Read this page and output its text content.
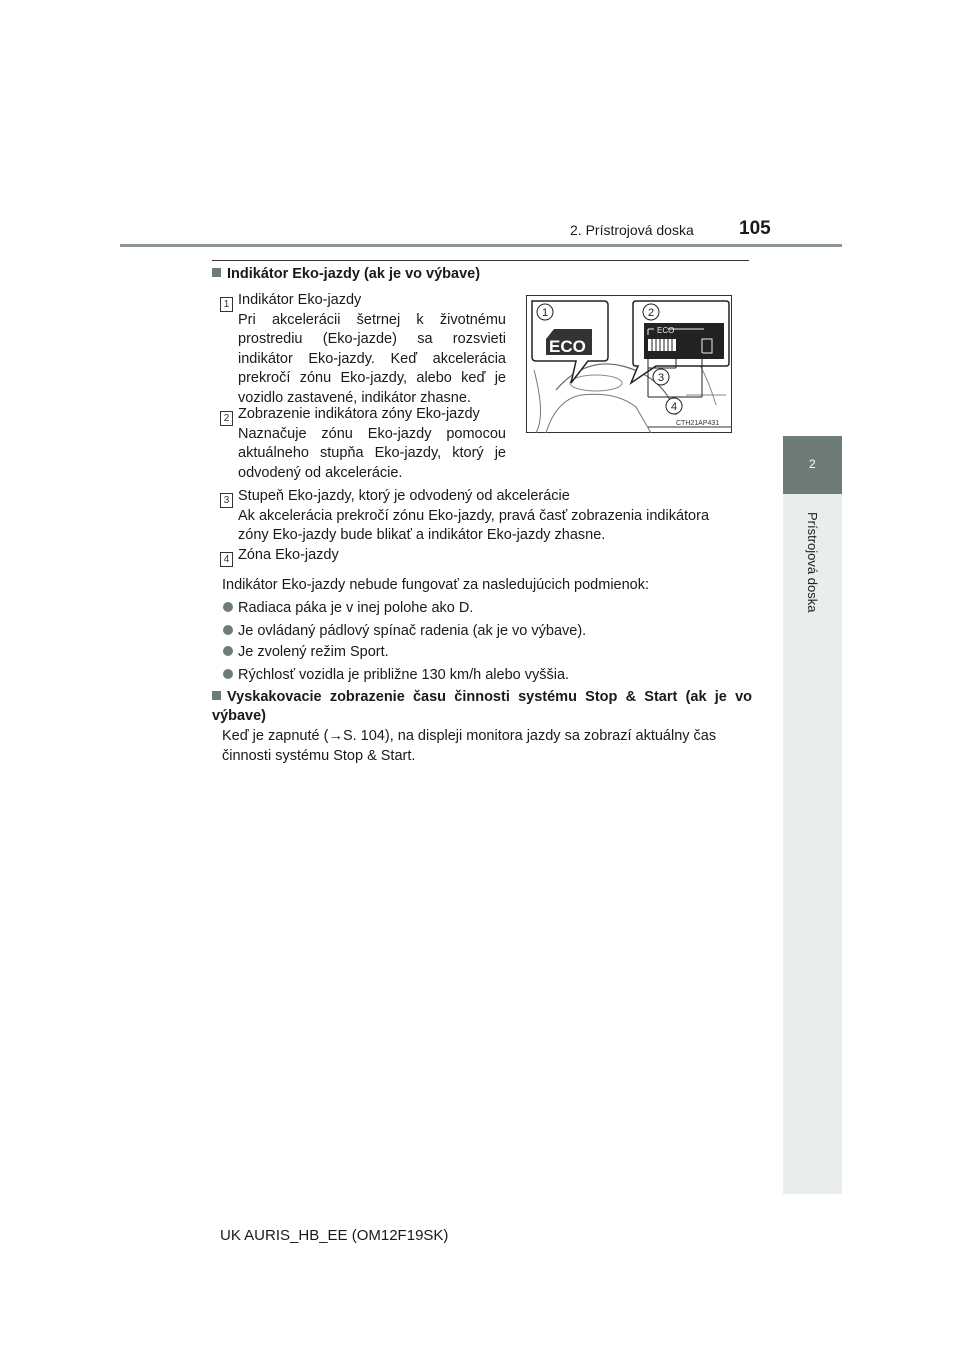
2. Prístrojová doska 105
2
Prístrojová doska
Indikátor Eko-jazdy (ak je vo výbave)
1 Indikátor Eko-jazdy
Pri akcelerácii šetrnej k životnému prostrediu (Eko-jazde) sa rozsvieti indikátor Eko-jazdy. Keď akcelerácia prekročí zónu Eko-jazdy, alebo keď je vozidlo zastavené, indikátor zhasne.
2 Zobrazenie indikátora zóny Eko-jazdy
Naznačuje zónu Eko-jazdy pomocou aktuálneho stupňa Eko-jazdy, ktorý je odvodený od akcelerácie.
ECO
1	2
ECO
3
4
CTH21AP431
3 Stupeň Eko-jazdy, ktorý je odvodený od akcelerácie
Ak akcelerácia prekročí zónu Eko-jazdy, pravá časť zobrazenia indikátora zóny Eko-jazdy bude blikať a indikátor Eko-jazdy zhasne.
4 Zóna Eko-jazdy
Indikátor Eko-jazdy nebude fungovať za nasledujúcich podmienok:
Radiaca páka je v inej polohe ako D.
Je ovládaný pádlový spínač radenia (ak je vo výbave).
Je zvolený režim Sport.
Rýchlosť vozidla je približne 130 km/h alebo vyššia.
Vyskakovacie zobrazenie času činnosti systému Stop & Start (ak je vo výbave)
Keď je zapnuté (→S. 104), na displeji monitora jazdy sa zobrazí aktuálny čas činnosti systému Stop & Start.
UK AURIS_HB_EE (OM12F19SK)
